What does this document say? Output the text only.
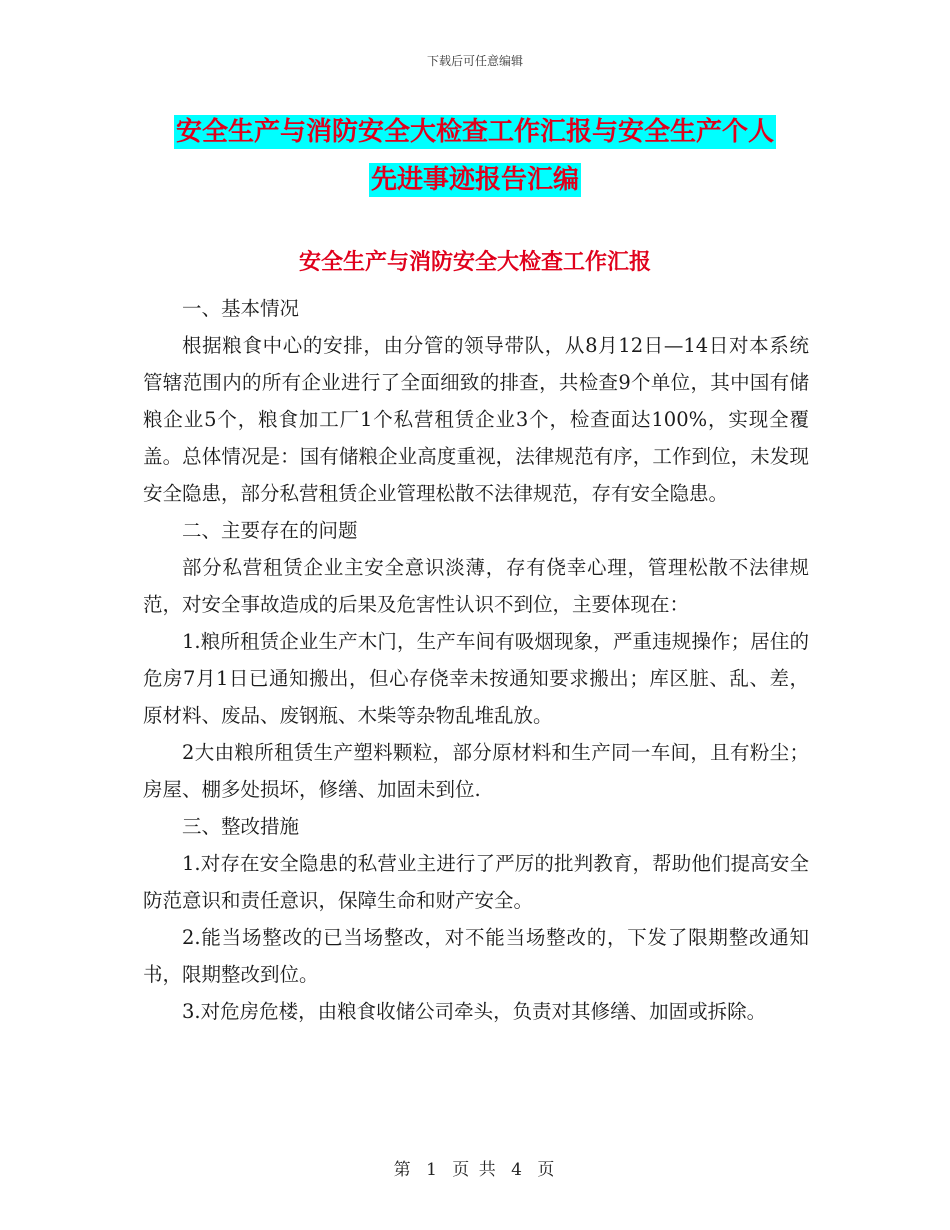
下载后可任意编辑
安全生产与消防安全大检查工作汇报与安全生产个人
先进事迹报告汇编
安全生产与消防安全大检查工作汇报

一、基本情况

根据粮食中心的安排，由分管的领导带队，从8月12日—14日对本系统管辖范围内的所有企业进行了全面细致的排查，共检查9个单位，其中国有储粮企业5个，粮食加工厂1个私营租赁企业3个，检查面达100%，实现全覆盖。总体情况是：国有储粮企业高度重视，法律规范有序，工作到位，未发现安全隐患，部分私营租赁企业管理松散不法律规范，存有安全隐患。

二、主要存在的问题

部分私营租赁企业主安全意识淡薄，存有侥幸心理，管理松散不法律规范，对安全事故造成的后果及危害性认识不到位，主要体现在：

1.粮所租赁企业生产木门，生产车间有吸烟现象，严重违规操作；居住的危房7月1日已通知搬出，但心存侥幸未按通知要求搬出；库区脏、乱、差，原材料、废品、废钢瓶、木柴等杂物乱堆乱放。

2大由粮所租赁生产塑料颗粒，部分原材料和生产同一车间，且有粉尘；房屋、棚多处损坏，修缮、加固未到位.

三、整改措施

1.对存在安全隐患的私营业主进行了严厉的批判教育，帮助他们提高安全防范意识和责任意识，保障生命和财产安全。

2.能当场整改的已当场整改，对不能当场整改的，下发了限期整改通知书，限期整改到位。

3.对危房危楼，由粮食收储公司牵头，负责对其修缮、加固或拆除。

第 1 页 共 4 页
